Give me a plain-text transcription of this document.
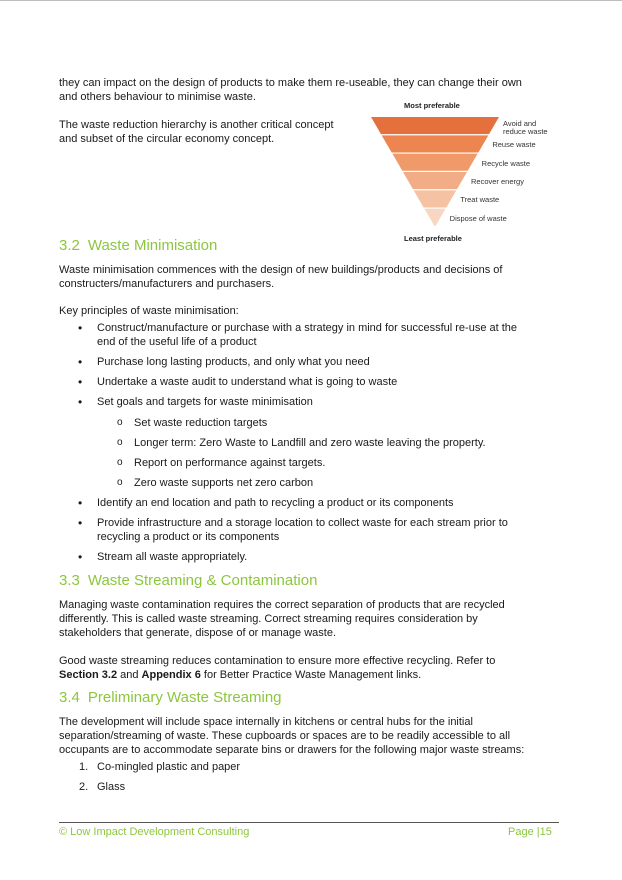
they can impact on the design of products to make them re-useable, they can change their own

and others behaviour to minimise waste.

The waste reduction hierarchy is another critical concept

and subset of the circular economy concept.

Most preferable
Avoid and
reduce waste
Reuse waste
Recycle waste
Recover energy
Treat waste
Dispose of waste
Least preferable
3.2 Waste Minimisation

Waste minimisation commences with the design of new buildings/products and decisions of

constructers/manufacturers and purchasers.

Key principles of waste minimisation:

• Construct/manufacture or purchase with a strategy in mind for successful re-use at the
end of the useful life of a product
• Purchase long lasting products, and only what you need
• Undertake a waste audit to understand what is going to waste
• Set goals and targets for waste minimisation
o Set waste reduction targets
o Longer term: Zero Waste to Landfill and zero waste leaving the property.
o Report on performance against targets.
o Zero waste supports net zero carbon
• Identify an end location and path to recycling a product or its components
• Provide infrastructure and a storage location to collect waste for each stream prior to
recycling a product or its components
• Stream all waste appropriately.
3.3 Waste Streaming & Contamination

Managing waste contamination requires the correct separation of products that are recycled

differently. This is called waste streaming. Correct streaming requires consideration by

stakeholders that generate, dispose of or manage waste.

Good waste streaming reduces contamination to ensure more effective recycling. Refer to

Section 3.2 and Appendix 6 for Better Practice Waste Management links.

3.4 Preliminary Waste Streaming

The development will include space internally in kitchens or central hubs for the initial

separation/streaming of waste. These cupboards or spaces are to be readily accessible to all

occupants are to accommodate separate bins or drawers for the following major waste streams:

1. Co-mingled plastic and paper
2. Glass
© Low Impact Development Consulting	Page |15
